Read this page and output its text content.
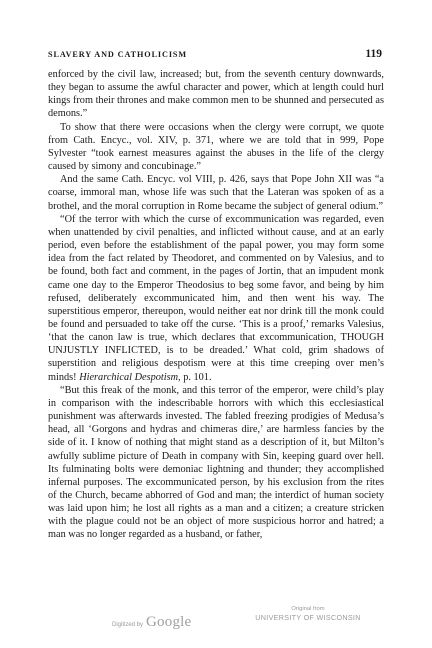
SLAVERY AND CATHOLICISM	119

enforced by the civil law, increased; but, from the seventh century downwards, they began to assume the awful character and power, which at length could hurl kings from their thrones and make common men to be shunned and persecuted as demons.”

To show that there were occasions when the clergy were corrupt, we quote from Cath. Encyc., vol. XIV, p. 371, where we are told that in 999, Pope Sylvester “took earnest measures against the abuses in the life of the clergy caused by simony and concubinage.”

And the same Cath. Encyc. vol VIII, p. 426, says that Pope John XII was “a coarse, immoral man, whose life was such that the Lateran was spoken of as a brothel, and the moral corruption in Rome became the subject of general odium.”

“Of the terror with which the curse of excommunication was regarded, even when unattended by civil penalties, and inflicted without cause, and at an early period, even before the establishment of the papal power, you may form some idea from the fact related by Theodoret, and commented on by Valesius, and to be found, both fact and comment, in the pages of Jortin, that an impudent monk came one day to the Emperor Theodosius to beg some favor, and being by him refused, deliberately excommunicated him, and then went his way. The superstitious emperor, thereupon, would neither eat nor drink till the monk could be found and persuaded to take off the curse. ‘This is a proof,’ remarks Valesius, ‘that the canon law is true, which declares that excommunication, THOUGH UNJUSTLY INFLICTED, is to be dreaded.’ What cold, grim shadows of superstition and religious despotism were at this time creeping over men’s minds! Hierarchical Despotism, p. 101.

“But this freak of the monk, and this terror of the emperor, were child’s play in comparison with the indescribable horrors with which this ecclesiastical punishment was afterwards invested. The fabled freezing prodigies of Medusa’s head, all ‘Gorgons and hydras and chimeras dire,’ are harmless fancies by the side of it. I know of nothing that might stand as a description of it, but Milton’s awfully sublime picture of Death in company with Sin, keeping guard over hell. Its fulminating bolts were demoniac lightning and thunder; they accomplished infernal purposes. The excommunicated person, by his exclusion from the rites of the Church, became abhorred of God and man; the interdict of human society was laid upon him; he lost all rights as a man and a citizen; a creature stricken with the plague could not be an object of more suspicious horror and hatred; a man was no longer regarded as a husband, or father,

Digitized by Google
Original from
UNIVERSITY OF WISCONSIN
